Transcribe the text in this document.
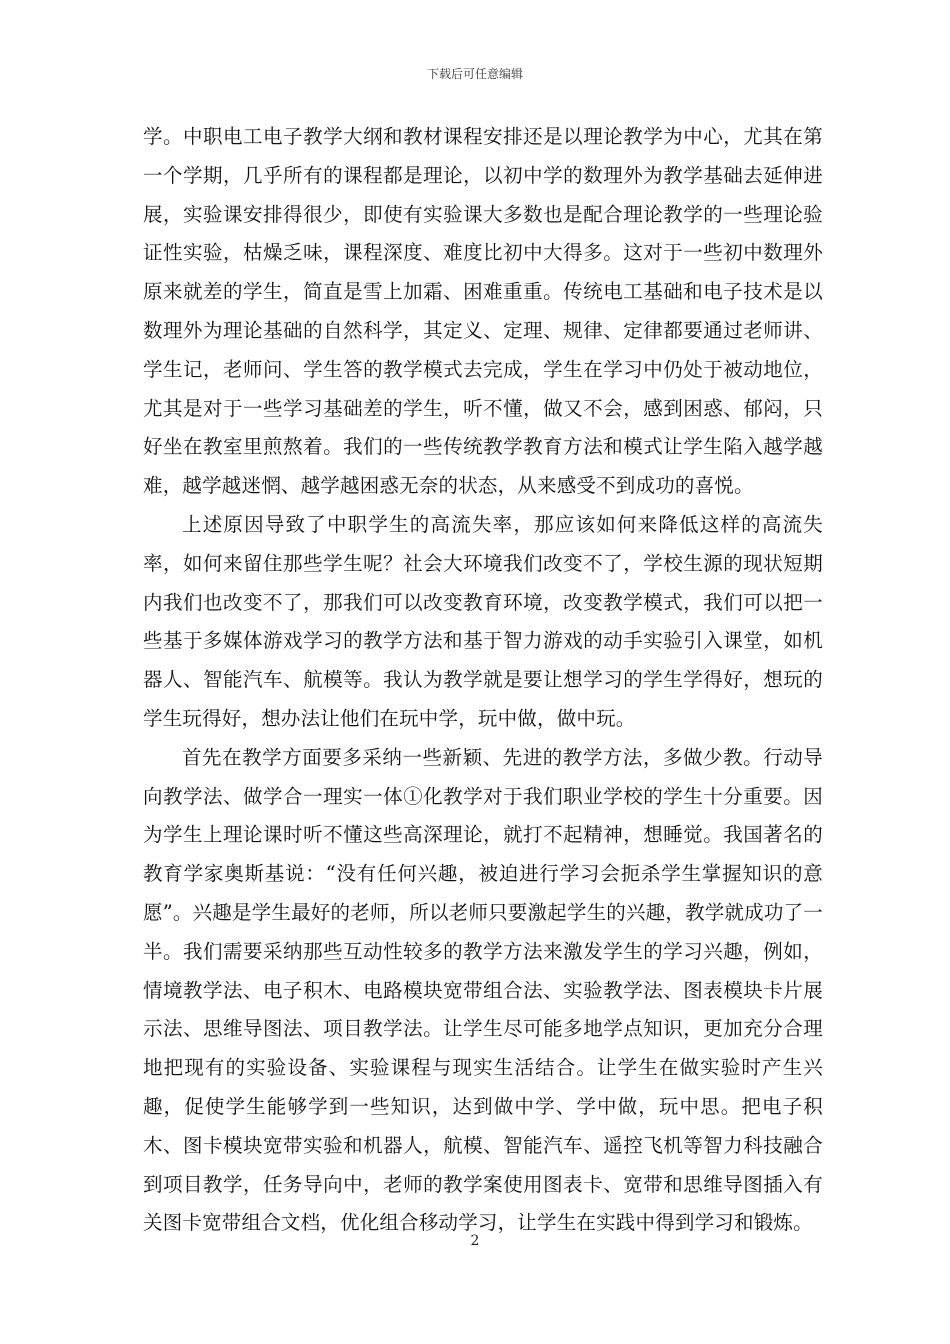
下载后可任意编辑

学。中职电工电子教学大纲和教材课程安排还是以理论教学为中心，尤其在第一个学期，几乎所有的课程都是理论，以初中学的数理外为教学基础去延伸进展，实验课安排得很少，即使有实验课大多数也是配合理论教学的一些理论验证性实验，枯燥乏味，课程深度、难度比初中大得多。这对于一些初中数理外原来就差的学生，简直是雪上加霜、困难重重。传统电工基础和电子技术是以数理外为理论基础的自然科学，其定义、定理、规律、定律都要通过老师讲、学生记，老师问、学生答的教学模式去完成，学生在学习中仍处于被动地位，尤其是对于一些学习基础差的学生，听不懂，做又不会，感到困惑、郁闷，只好坐在教室里煎熬着。我们的一些传统教学教育方法和模式让学生陷入越学越难，越学越迷惘、越学越困惑无奈的状态，从来感受不到成功的喜悦。

上述原因导致了中职学生的高流失率，那应该如何来降低这样的高流失率，如何来留住那些学生呢？社会大环境我们改变不了，学校生源的现状短期内我们也改变不了，那我们可以改变教育环境，改变教学模式，我们可以把一些基于多媒体游戏学习的教学方法和基于智力游戏的动手实验引入课堂，如机器人、智能汽车、航模等。我认为教学就是要让想学习的学生学得好，想玩的学生玩得好，想办法让他们在玩中学，玩中做，做中玩。

首先在教学方面要多采纳一些新颖、先进的教学方法，多做少教。行动导向教学法、做学合一理实一体①化教学对于我们职业学校的学生十分重要。因为学生上理论课时听不懂这些高深理论，就打不起精神，想睡觉。我国著名的教育学家奥斯基说：“没有任何兴趣，被迫进行学习会扼杀学生掌握知识的意愿”。兴趣是学生最好的老师，所以老师只要激起学生的兴趣，教学就成功了一半。我们需要采纳那些互动性较多的教学方法来激发学生的学习兴趣，例如，情境教学法、电子积木、电路模块宽带组合法、实验教学法、图表模块卡片展示法、思维导图法、项目教学法。让学生尽可能多地学点知识，更加充分合理地把现有的实验设备、实验课程与现实生活结合。让学生在做实验时产生兴趣，促使学生能够学到一些知识，达到做中学、学中做，玩中思。把电子积木、图卡模块宽带实验和机器人，航模、智能汽车、遥控飞机等智力科技融合到项目教学，任务导向中，老师的教学案使用图表卡、宽带和思维导图插入有关图卡宽带组合文档，优化组合移动学习，让学生在实践中得到学习和锻炼。

2
